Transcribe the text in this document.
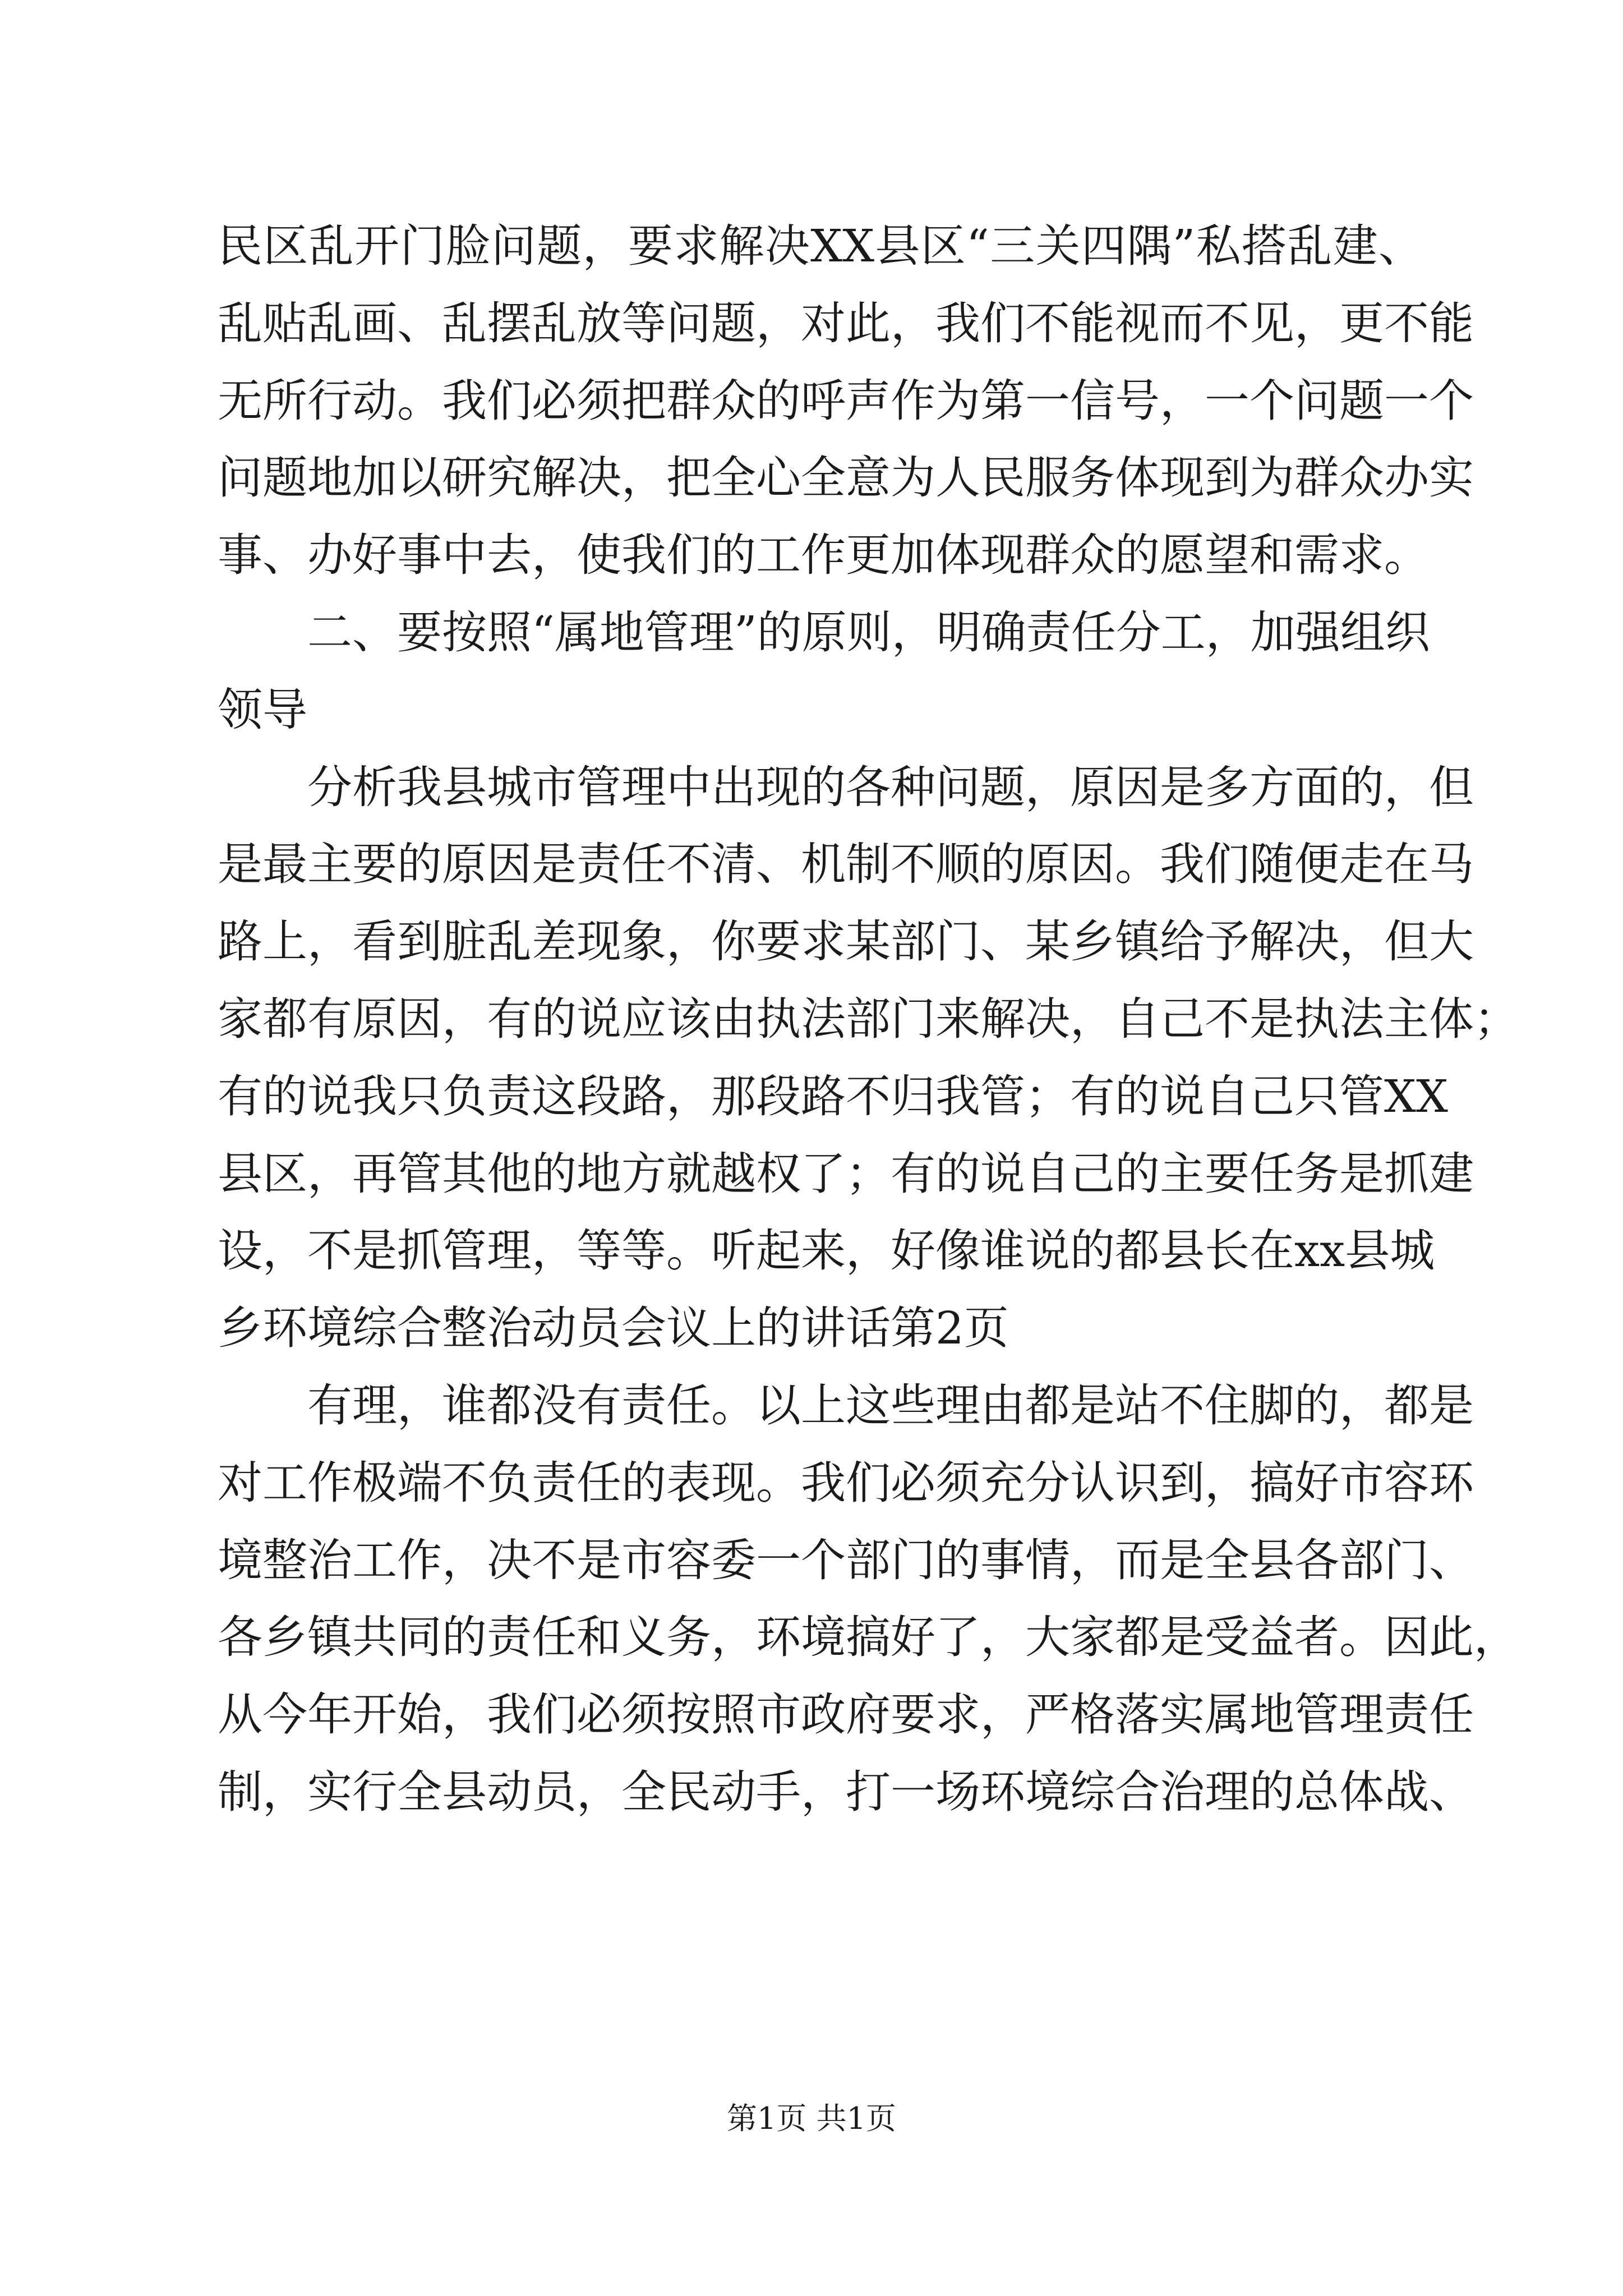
民区乱开门脸问题，要求解决XX县区“三关四隅”私搭乱建、
乱贴乱画、乱摆乱放等问题，对此，我们不能视而不见，更不能
无所行动。我们必须把群众的呼声作为第一信号，一个问题一个
问题地加以研究解决，把全心全意为人民服务体现到为群众办实
事、办好事中去，使我们的工作更加体现群众的愿望和需求。
二、要按照“属地管理”的原则，明确责任分工，加强组织
领导
分析我县城市管理中出现的各种问题，原因是多方面的，但
是最主要的原因是责任不清、机制不顺的原因。我们随便走在马
路上，看到脏乱差现象，你要求某部门、某乡镇给予解决，但大
家都有原因，有的说应该由执法部门来解决，自己不是执法主体；
有的说我只负责这段路，那段路不归我管；有的说自己只管XX
县区，再管其他的地方就越权了；有的说自己的主要任务是抓建
设，不是抓管理，等等。听起来，好像谁说的都县长在xx县城
乡环境综合整治动员会议上的讲话第2页
有理，谁都没有责任。以上这些理由都是站不住脚的，都是
对工作极端不负责任的表现。我们必须充分认识到，搞好市容环
境整治工作，决不是市容委一个部门的事情，而是全县各部门、
各乡镇共同的责任和义务，环境搞好了，大家都是受益者。因此，
从今年开始，我们必须按照市政府要求，严格落实属地管理责任
制，实行全县动员，全民动手，打一场环境综合治理的总体战、
第1页 共1页
